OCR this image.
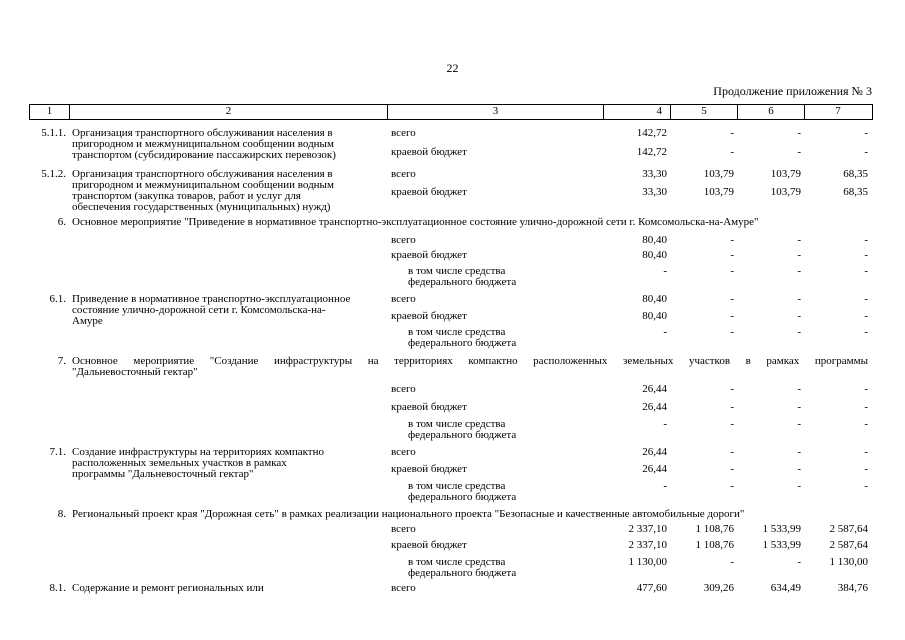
22
Продолжение приложения № 3
1	2	3	4	5	6	7
5.1.1. Организация транспортного обслуживания населения в
пригородном и межмуниципальном сообщении водным
транспортом (субсидирование пассажирских перевозок)
всего	142,72	-	-	-
краевой бюджет	142,72	-	-	-
5.1.2. Организация транспортного обслуживания населения в
пригородном и межмуниципальном сообщении водным
транспортом (закупка товаров, работ и услуг для
обеспечения государственных (муниципальных) нужд)
всего	33,30	103,79	103,79	68,35
краевой бюджет	33,30	103,79	103,79	68,35
6. Основное мероприятие "Приведение в нормативное транспортно-эксплуатационное состояние улично-дорожной сети г. Комсомольска-на-Амуре"
всего	80,40	-	-	-
краевой бюджет	80,40	-	-	-
в том числе средства
федерального бюджета
-	-	-	-
6.1. Приведение в нормативное транспортно-эксплуатационное
состояние улично-дорожной сети г. Комсомольска-на-
Амуре
всего	80,40	-	-	-
краевой бюджет	80,40	-	-	-
в том числе средства
федерального бюджета
-	-	-	-
7. Основное мероприятие "Создание инфраструктуры на территориях компактно расположенных земельных участков в рамках программы
"Дальневосточный гектар"
всего	26,44	-	-	-
краевой бюджет	26,44	-	-	-
в том числе средства
федерального бюджета
-	-	-	-
7.1. Создание инфраструктуры на территориях компактно
расположенных земельных участков в рамках
программы "Дальневосточный гектар"
всего	26,44	-	-	-
краевой бюджет	26,44	-	-	-
в том числе средства
федерального бюджета
-	-	-	-
8. Региональный проект края "Дорожная сеть" в рамках реализации национального проекта "Безопасные и качественные автомобильные дороги"
всего	2 337,10	1 108,76	1 533,99	2 587,64
краевой бюджет	2 337,10	1 108,76	1 533,99	2 587,64
в том числе средства
федерального бюджета
1 130,00	-	-	1 130,00
8.1. Содержание и ремонт региональных или	всего	477,60	309,26	634,49	384,76
